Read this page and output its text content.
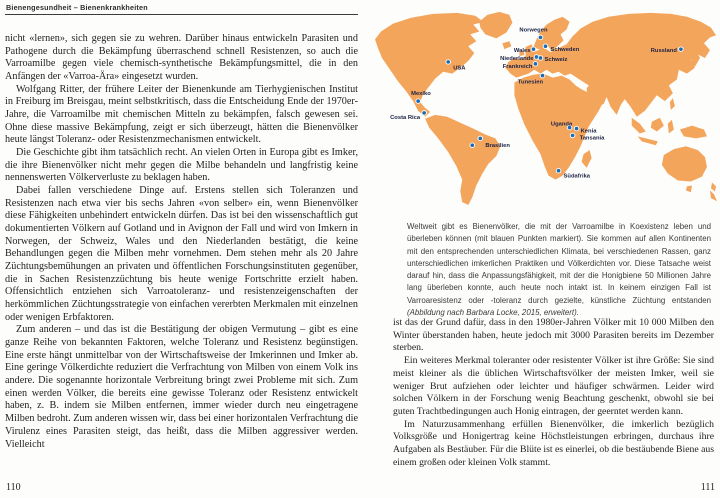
Bienengesundheit – Bienenkrankheiten

nicht «lernen», sich gegen sie zu wehren. Darüber hinaus entwickeln Parasiten und Pathogene durch die Bekämpfung überraschend schnell Resistenzen, so auch die Varroamilbe gegen viele chemisch-synthetische Bekämpfungsmittel, die in den Anfängen der «Varroa-Ära» eingesetzt wurden.

Wolfgang Ritter, der frühere Leiter der Bienenkunde am Tierhygienischen Institut in Freiburg im Breisgau, meint selbstkritisch, dass die Entscheidung Ende der 1970er-Jahre, die Varroamilbe mit chemischen Mitteln zu bekämpfen, falsch gewesen sei. Ohne diese massive Bekämpfung, zeigt er sich überzeugt, hätten die Bienenvölker heute längst Toleranz- oder Resistenzmechanismen entwickelt.

Die Geschichte gibt ihm tatsächlich recht. An vielen Orten in Europa gibt es Imker, die ihre Bienenvölker nicht mehr gegen die Milbe behandeln und langfristig keine nennenswerten Völkerverluste zu beklagen haben.

Dabei fallen verschiedene Dinge auf. Erstens stellen sich Toleranzen und Resistenzen nach etwa vier bis sechs Jahren «von selber» ein, wenn Bienenvölker diese Fähigkeiten unbehindert entwickeln dürfen. Das ist bei den wissenschaftlich gut dokumentierten Völkern auf Gotland und in Avignon der Fall und wird von Imkern in Norwegen, der Schweiz, Wales und den Niederlanden bestätigt, die keine Behandlungen gegen die Milben mehr vornehmen. Dem stehen mehr als 20 Jahre Züchtungsbemühungen an privaten und öffentlichen Forschungsinstituten gegenüber, die in Sachen Resistenzzüchtung bis heute wenige Fortschritte erzielt haben. Offensichtlich entziehen sich Varroatoleranz- und resistenzeigenschaften der herkömmlichen Züchtungsstrategie von einfachen vererbten Merkmalen mit einzelnen oder wenigen Erbfaktoren.

Zum anderen – und das ist die Bestätigung der obigen Vermutung – gibt es eine ganze Reihe von bekannten Faktoren, welche Toleranz und Resistenz begünstigen. Eine erste hängt unmittelbar von der Wirtschaftsweise der Imkerinnen und Imker ab. Eine geringe Völkerdichte reduziert die Verfrachtung von Milben von einem Volk ins andere. Die sogenannte horizontale Verbreitung bringt zwei Probleme mit sich. Zum einen werden Völker, die bereits eine gewisse Toleranz oder Resistenz entwickelt haben, z. B. indem sie Milben entfernen, immer wieder durch neu eingetragene Milben bedroht. Zum anderen wissen wir, dass bei einer horizontalen Verfrachtung die Virulenz eines Parasiten steigt, das heißt, dass die Milben aggressiver werden. Vielleicht

110
USA
Mexiko
Costa Rica
Brasilien
Norwegen
Wales	Schweden
Niederlande Schweiz
Frankreich
Tunesien
Russland
Uganda
Kenia
Tansania
Südafrika
Weltweit gibt es Bienenvölker, die mit der Varroamilbe in Koexistenz leben und überleben können (mit blauen Punkten markiert). Sie kommen auf allen Kontinenten mit den entsprechenden unterschiedlichen Klimata, bei verschiedenen Rassen, ganz unterschiedlichen imkerlichen Praktiken und Völkerdichten vor. Diese Tatsache weist darauf hin, dass die Anpassungsfähigkeit, mit der die Honigbiene 50 Millionen Jahre lang überleben konnte, auch heute noch intakt ist. In keinem einzigen Fall ist Varroaresistenz oder -toleranz durch gezielte, künstliche Züchtung entstanden (Abbildung nach Barbara Locke, 2015, erweitert).

ist das der Grund dafür, dass in den 1980er-Jahren Völker mit 10 000 Milben den Winter überstanden haben, heute jedoch mit 3000 Parasiten bereits im Dezember sterben.

Ein weiteres Merkmal toleranter oder resistenter Völker ist ihre Größe: Sie sind meist kleiner als die üblichen Wirtschaftsvölker der meisten Imker, weil sie weniger Brut aufziehen oder leichter und häufiger schwärmen. Leider wird solchen Völkern in der Forschung wenig Beachtung geschenkt, obwohl sie bei guten Trachtbedingungen auch Honig eintragen, der geerntet werden kann.

Im Naturzusammenhang erfüllen Bienenvölker, die imkerlich bezüglich Volksgröße und Honigertrag keine Höchstleistungen erbringen, durchaus ihre Aufgaben als Bestäuber. Für die Blüte ist es einerlei, ob die bestäubende Biene aus einem großen oder kleinen Volk stammt.

111
